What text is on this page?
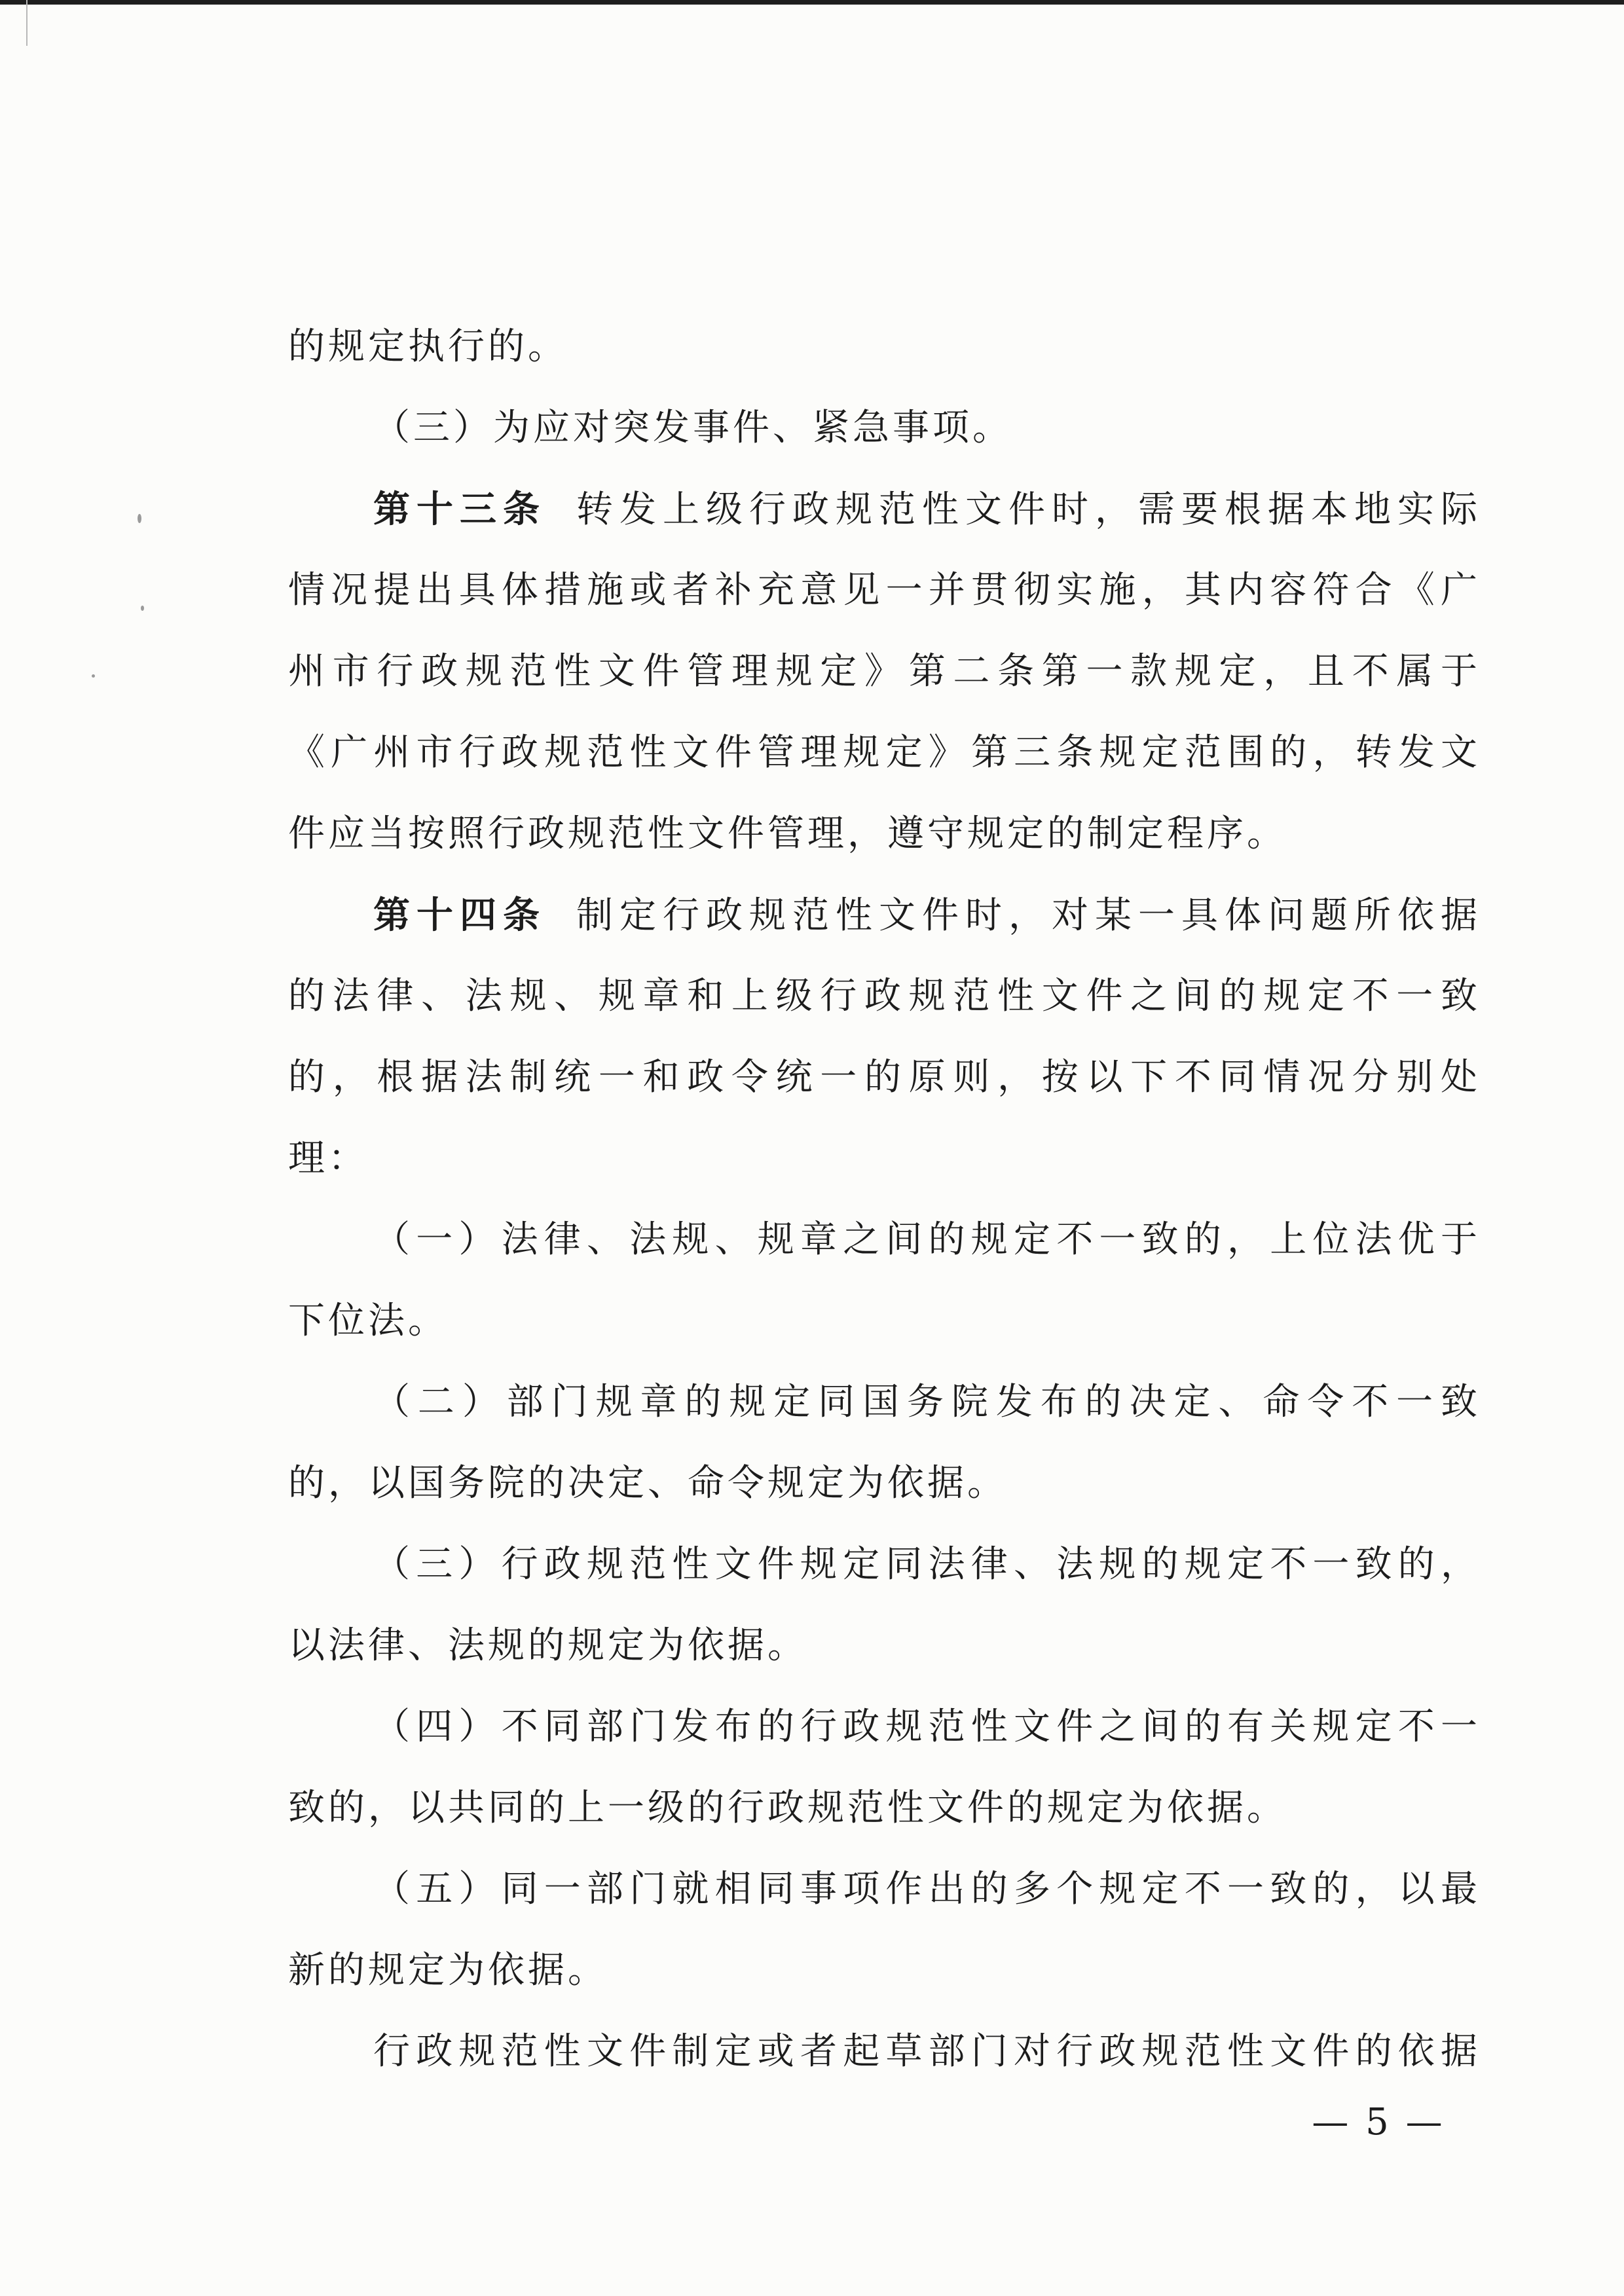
的规定执行的。
（三）为应对突发事件、紧急事项。
第十三条 转发上级行政规范性文件时，需要根据本地实际
情况提出具体措施或者补充意见一并贯彻实施，其内容符合《广
州市行政规范性文件管理规定》第二条第一款规定，且不属于
《广州市行政规范性文件管理规定》第三条规定范围的，转发文
件应当按照行政规范性文件管理，遵守规定的制定程序。
第十四条 制定行政规范性文件时，对某一具体问题所依据
的法律、法规、规章和上级行政规范性文件之间的规定不一致
的，根据法制统一和政令统一的原则，按以下不同情况分别处
理：
（一）法律、法规、规章之间的规定不一致的，上位法优于
下位法。
（二）部门规章的规定同国务院发布的决定、命令不一致
的，以国务院的决定、命令规定为依据。
（三）行政规范性文件规定同法律、法规的规定不一致的，
以法律、法规的规定为依据。
（四）不同部门发布的行政规范性文件之间的有关规定不一
致的，以共同的上一级的行政规范性文件的规定为依据。
（五）同一部门就相同事项作出的多个规定不一致的，以最
新的规定为依据。
行政规范性文件制定或者起草部门对行政规范性文件的依据
— 5 —
